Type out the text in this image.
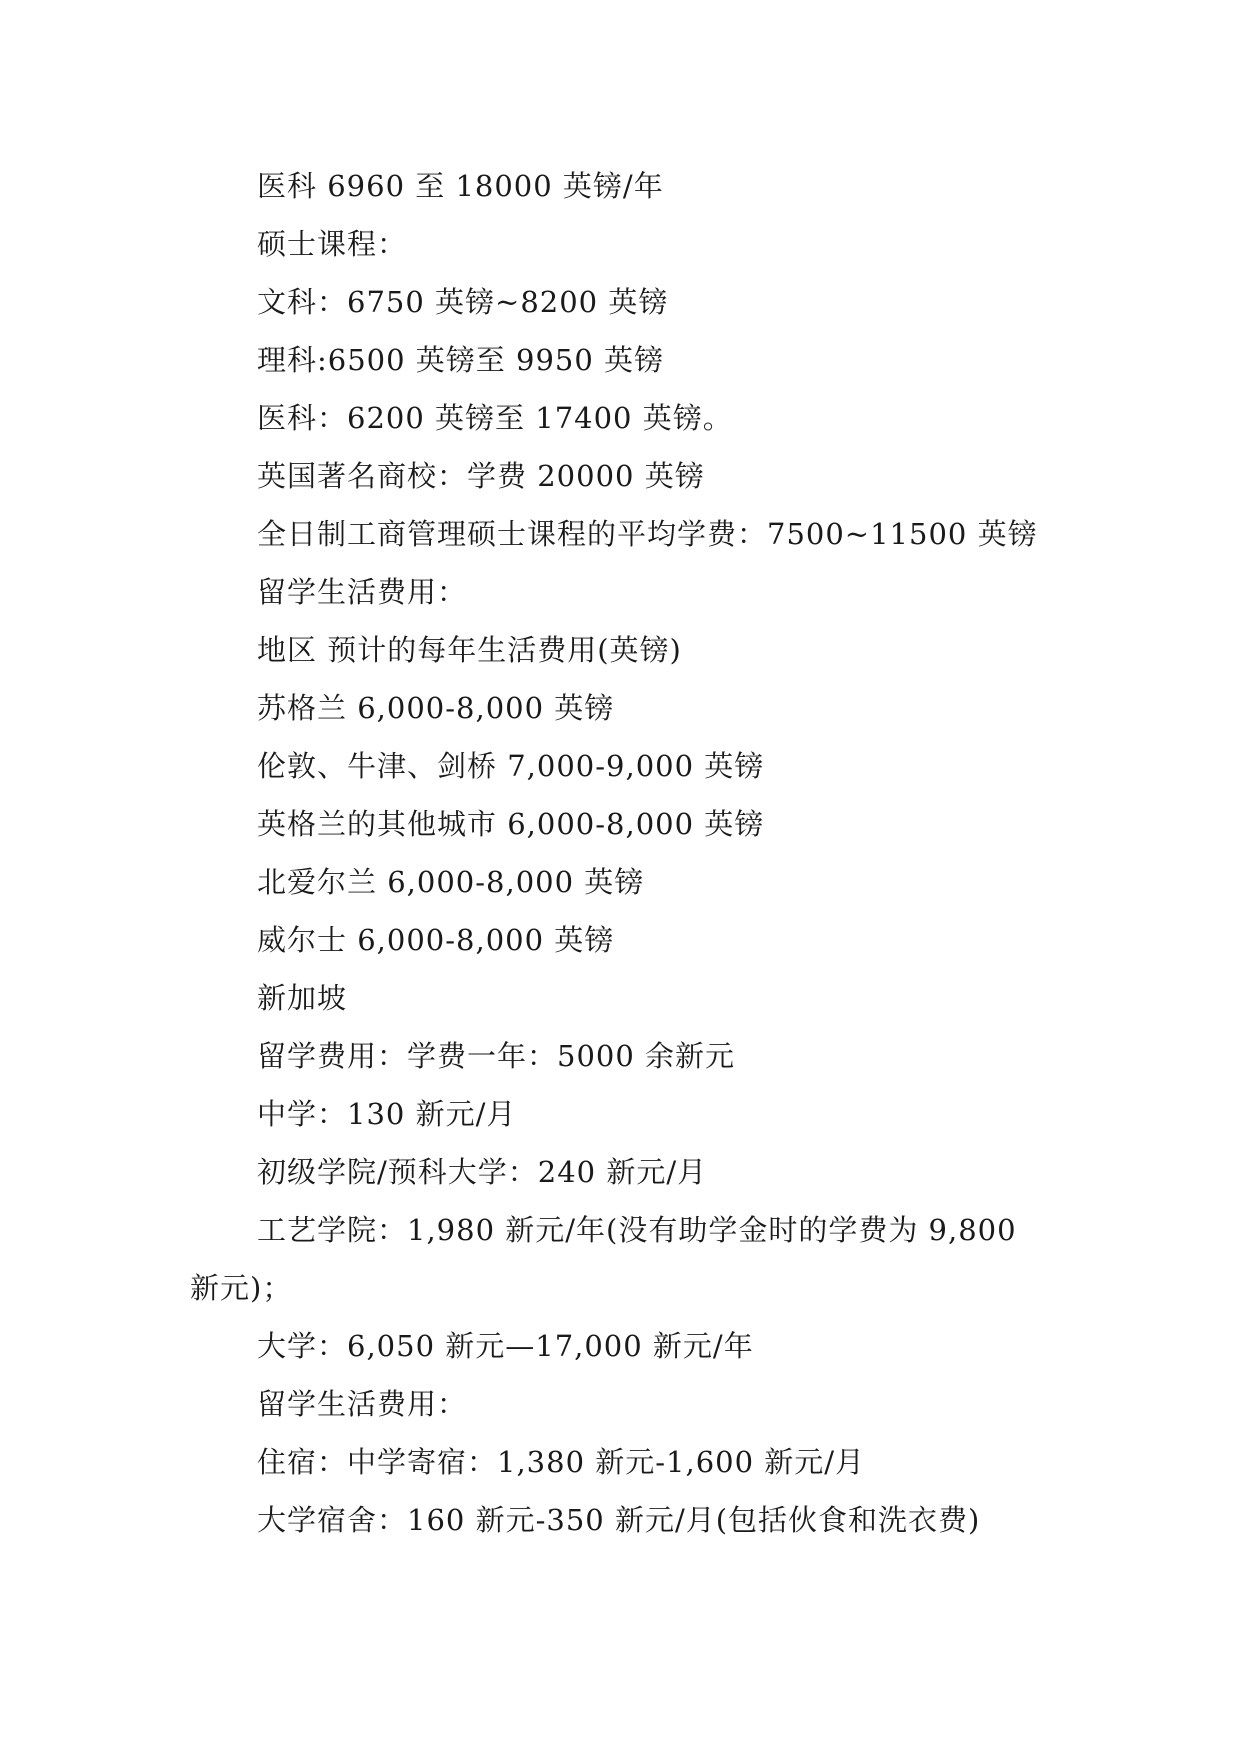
医科 6960 至 18000 英镑/年
硕士课程：
文科：6750 英镑~8200 英镑
理科:6500 英镑至 9950 英镑
医科：6200 英镑至 17400 英镑。
英国著名商校：学费 20000 英镑
全日制工商管理硕士课程的平均学费：7500~11500 英镑
留学生活费用：
地区 预计的每年生活费用(英镑)
苏格兰 6,000-8,000 英镑
伦敦、牛津、剑桥 7,000-9,000 英镑
英格兰的其他城市 6,000-8,000 英镑
北爱尔兰 6,000-8,000 英镑
威尔士 6,000-8,000 英镑
新加坡
留学费用：学费一年：5000 余新元
中学：130 新元/月
初级学院/预科大学：240 新元/月
工艺学院：1,980 新元/年(没有助学金时的学费为 9,800
新元)；
大学：6,050 新元—17,000 新元/年
留学生活费用：
住宿：中学寄宿：1,380 新元-1,600 新元/月
大学宿舍：160 新元-350 新元/月(包括伙食和洗衣费)
